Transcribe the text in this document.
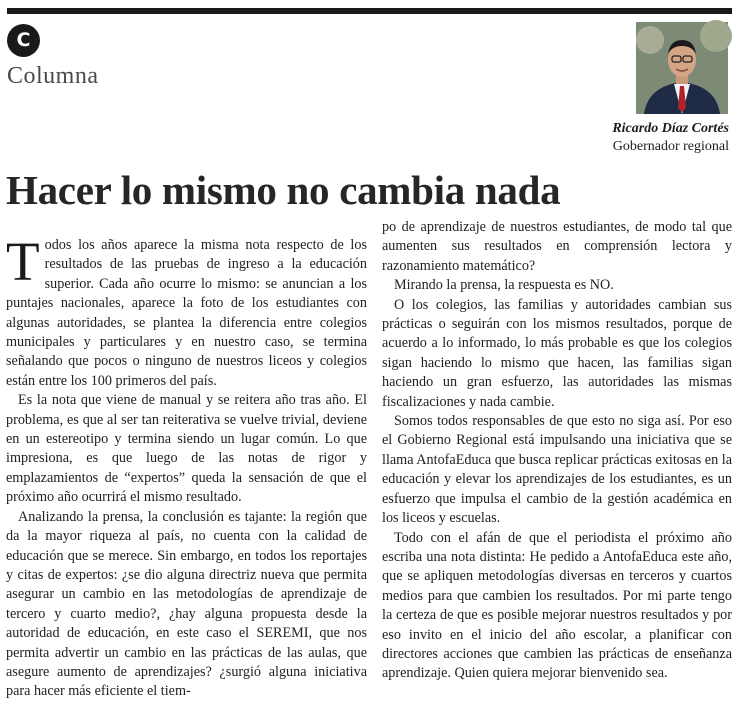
C
Columna
Ricardo Díaz Cortés
Gobernador regional
Hacer lo mismo no cambia nada

Todos los años aparece la misma nota respecto de los resultados de las pruebas de ingreso a la educación superior. Cada año ocurre lo mismo: se anuncian a los puntajes nacionales, aparece la foto de los estudiantes con algunas autoridades, se plantea la diferencia entre colegios municipales y particulares y en nuestro caso, se termina señalando que pocos o ninguno de nuestros liceos y colegios están entre los 100 primeros del país.

Es la nota que viene de manual y se reitera año tras año. El problema, es que al ser tan reiterativa se vuelve trivial, deviene en un estereotipo y termina siendo un lugar común. Lo que impresiona, es que luego de las notas de rigor y emplazamientos de “expertos” queda la sensación de que el próximo año ocurrirá el mismo resultado.

Analizando la prensa, la conclusión es tajante: la región que da la mayor riqueza al país, no cuenta con la calidad de educación que se merece. Sin embargo, en todos los reportajes y citas de expertos: ¿se dio alguna directriz nueva que permita asegurar un cambio en las metodologías de aprendizaje de tercero y cuarto medio?, ¿hay alguna propuesta desde la autoridad de educación, en este caso el SEREMI, que nos permita advertir un cambio en las prácticas de las aulas, que asegure aumento de aprendizajes? ¿surgió alguna iniciativa para hacer más eficiente el tiem-

po de aprendizaje de nuestros estudiantes, de modo tal que aumenten sus resultados en comprensión lectora y razonamiento matemático?

Mirando la prensa, la respuesta es NO.

O los colegios, las familias y autoridades cambian sus prácticas o seguirán con los mismos resultados, porque de acuerdo a lo informado, lo más probable es que los colegios sigan haciendo lo mismo que hacen, las familias sigan haciendo un gran esfuerzo, las autoridades las mismas fiscalizaciones y nada cambie.

Somos todos responsables de que esto no siga así. Por eso el Gobierno Regional está impulsando una iniciativa que se llama AntofaEduca que busca replicar prácticas exitosas en la educación y elevar los aprendizajes de los estudiantes, es un esfuerzo que impulsa el cambio de la gestión académica en los liceos y escuelas.

Todo con el afán de que el periodista el próximo año escriba una nota distinta: He pedido a AntofaEduca este año, que se apliquen metodologías diversas en terceros y cuartos medios para que cambien los resultados. Por mi parte tengo la certeza de que es posible mejorar nuestros resultados y por eso invito en el inicio del año escolar, a planificar con directores acciones que cambien las prácticas de enseñanza aprendizaje. Quien quiera mejorar bienvenido sea.
